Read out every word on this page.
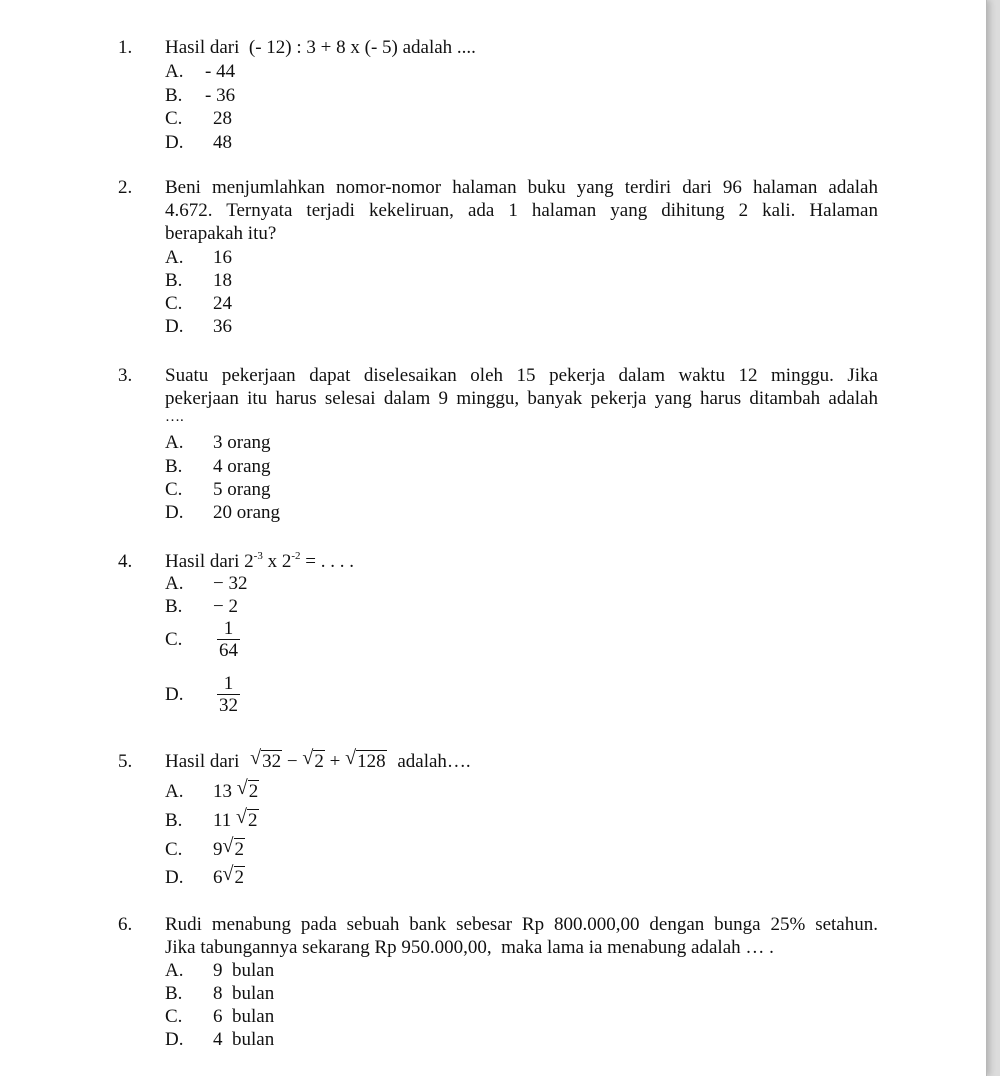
1. Hasil dari  (- 12) : 3 + 8 x (- 5) adalah ....
A. - 44
B. - 36
C. 28
D. 48
2. Beni menjumlahkan nomor-nomor halaman buku yang terdiri dari 96 halaman adalah
4.672. Ternyata terjadi kekeliruan, ada 1 halaman yang dihitung 2 kali. Halaman
berapakah itu?
A. 16
B. 18
C. 24
D. 36
3. Suatu pekerjaan dapat diselesaikan oleh 15 pekerja dalam waktu 12 minggu. Jika
pekerjaan itu harus selesai dalam 9 minggu, banyak pekerja yang harus ditambah adalah
….
A. 3 orang
B. 4 orang
C. 5 orang
D. 20 orang
4. Hasil dari $2^{-3}$ x $2^{-2}$ = . . . .
A. − 32
B. − 2
C. $\frac{1}{64}$
D. $\frac{1}{32}$
5. Hasil dari √ 32 − √ 2 + √ 128 adalah….
A. 13 √ 2
B. 11 √ 2
C. 9 √ 2
D. 6 √ 2
6. Rudi menabung pada sebuah bank sebesar Rp 800.000,00 dengan bunga 25% setahun.
Jika tabungannya sekarang Rp 950.000,00,  maka lama ia menabung adalah … .
A. 9  bulan
B. 8  bulan
C. 6  bulan
D. 4  bulan
